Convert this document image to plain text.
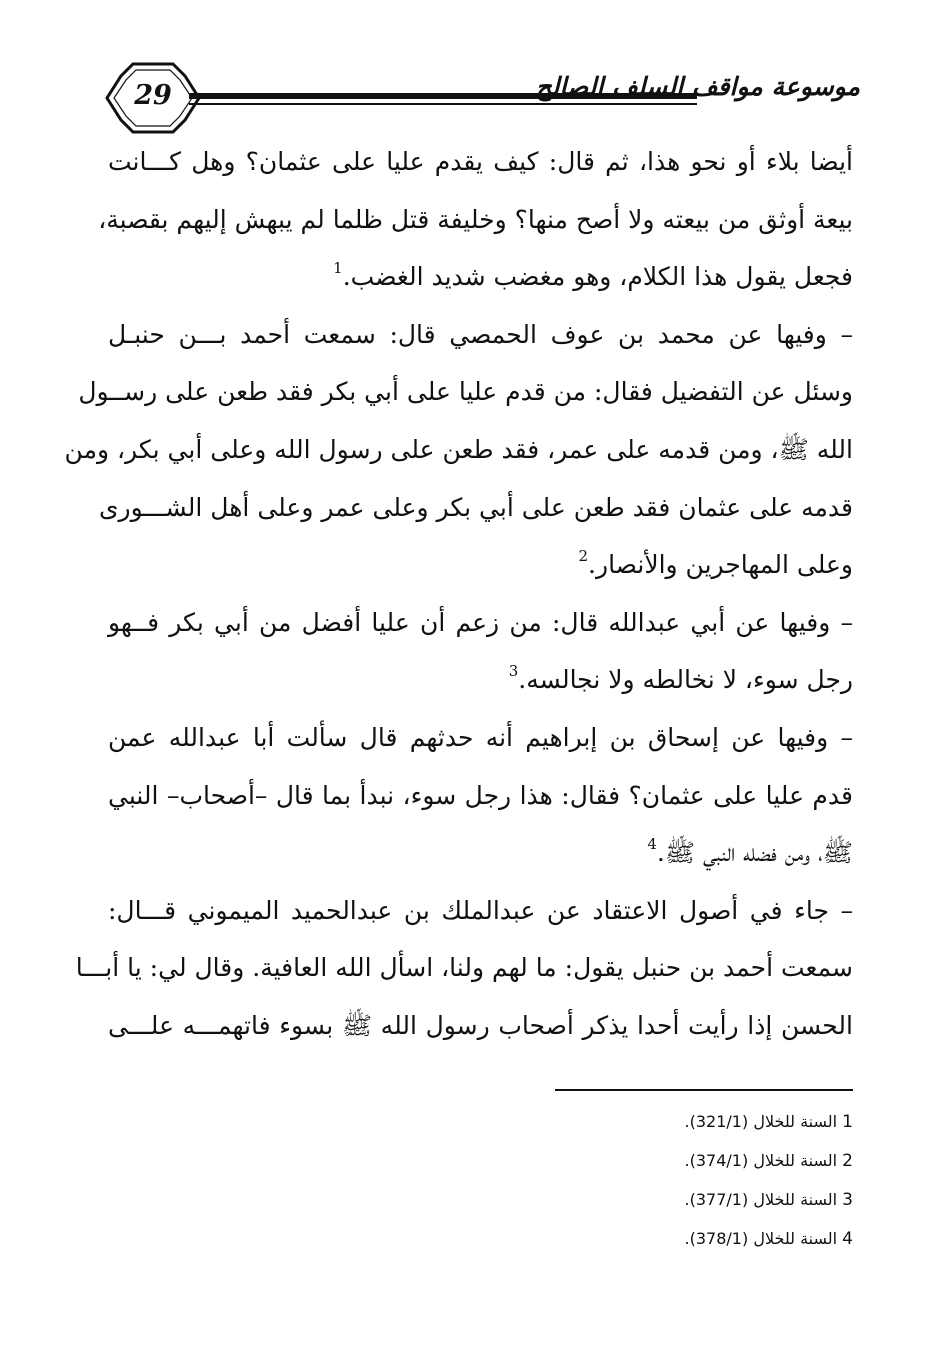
29	موسوعة مواقف السلف الصالح
أيضا بلاء أو نحو هذا، ثم قال: كيف يقدم عليا على عثمان؟ وهل كـــانت
بيعة أوثق من بيعته ولا أصح منها؟ وخليفة قتل ظلما لم يبهش إليهم بقصبة،
فجعل يقول هذا الكلام، وهو مغضب شديد الغضب.$^1$
– وفيها عن محمد بن عوف الحمصي قال: سمعت أحمد بـــن حنبـل
وسئل عن التفضيل فقال: من قدم عليا على أبي بكر فقد طعن على رســول
الله ﷺ، ومن قدمه على عمر، فقد طعن على رسول الله وعلى أبي بكر، ومن
قدمه على عثمان فقد طعن على أبي بكر وعلى عمر وعلى أهل الشـــورى
وعلى المهاجرين والأنصار.$^2$
– وفيها عن أبي عبدالله قال: من زعم أن عليا أفضل من أبي بكر فــهو
رجل سوء، لا نخالطه ولا نجالسه.$^3$
– وفيها عن إسحاق بن إبراهيم أنه حدثهم قال سألت أبا عبدالله عمن
قدم عليا على عثمان؟ فقال: هذا رجل سوء، نبدأ بما قال –أصحاب– النبي
ﷺ، ومن فضله النبي ﷺ.$^4$
– جاء في أصول الاعتقاد عن عبدالملك بن عبدالحميد الميموني قـــال:
سمعت أحمد بن حنبل يقول: ما لهم ولنا، اسأل الله العافية. وقال لي: يا أبـــا
الحسن إذا رأيت أحدا يذكر أصحاب رسول الله ﷺ بسوء فاتهمـــه علـــى
1 السنة للخلال (321/1).
2 السنة للخلال (374/1).
3 السنة للخلال (377/1).
4 السنة للخلال (378/1).
